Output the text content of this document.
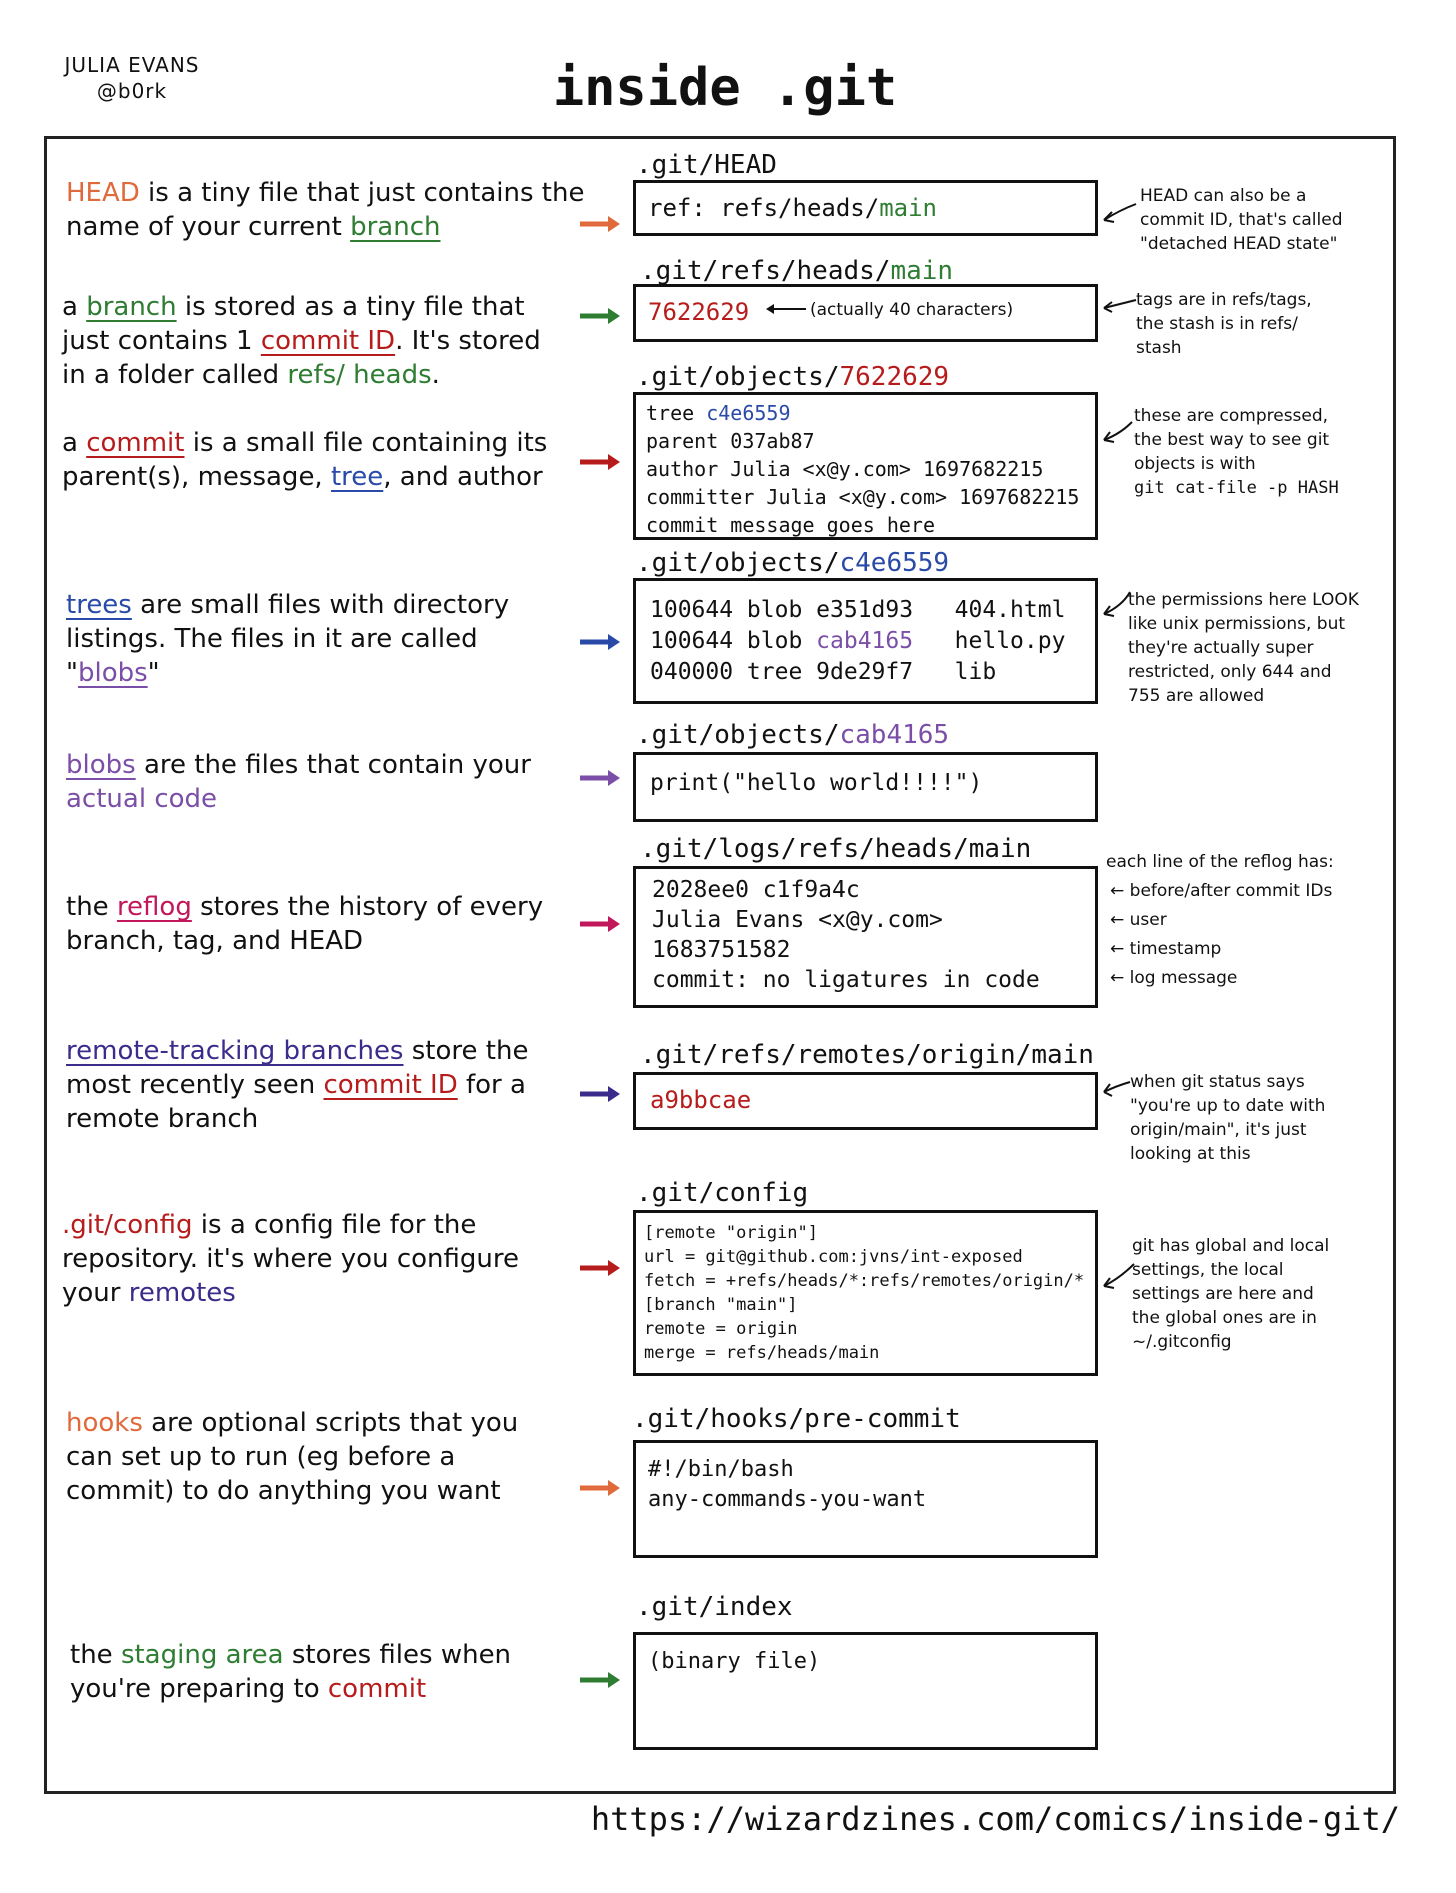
JULIA EVANS
@b0rk	inside .git
HEAD is a tiny file that just contains the name of your current branch
.git/HEAD
ref: refs/heads/main	HEAD can also be a
commit ID, that's called
"detached HEAD state"
a branch is stored as a tiny file that just contains 1 commit ID. It's stored in a folder called refs/ heads.
.git/refs/heads/main
7622629	(actually 40 characters)	tags are in refs/tags,
the stash is in refs/
stash
a commit is a small file containing its parent(s), message, tree, and author
.git/objects/7622629
tree c4e6559
parent 037ab87
author Julia <x@y.com> 1697682215
committer Julia <x@y.com> 1697682215
commit message goes here
these are compressed,
the best way to see git
objects is with
git cat-file -p HASH
trees are small files with directory listings. The files in it are called "blobs"
.git/objects/c4e6559
100644 blob e351d93   404.html
100644 blob cab4165   hello.py
040000 tree 9de29f7   lib
the permissions here LOOK
like unix permissions, but
they're actually super
restricted, only 644 and
755 are allowed
blobs are the files that contain your actual code
.git/objects/cab4165
print("hello world!!!!")
the reflog stores the history of every branch, tag, and HEAD
.git/logs/refs/heads/main
2028ee0 c1f9a4c
Julia Evans <x@y.com>
1683751582
commit: no ligatures in code
each line of the reflog has:
← before/after commit IDs
← user
← timestamp
← log message
remote-tracking branches store the most recently seen commit ID for a remote branch
.git/refs/remotes/origin/main
a9bbcae
when git status says
"you're up to date with
origin/main", it's just
looking at this
.git/config is a config file for the repository. it's where you configure your remotes
.git/config
[remote "origin"]
url = git@github.com:jvns/int-exposed
fetch = +refs/heads/*:refs/remotes/origin/*
[branch "main"]
remote = origin
merge = refs/heads/main
git has global and local
settings, the local
settings are here and
the global ones are in
~/.gitconfig
hooks are optional scripts that you can set up to run (eg before a commit) to do anything you want
.git/hooks/pre-commit
#!/bin/bash
any-commands-you-want
the staging area stores files when you're preparing to commit
.git/index
(binary file)
https://wizardzines.com/comics/inside-git/
